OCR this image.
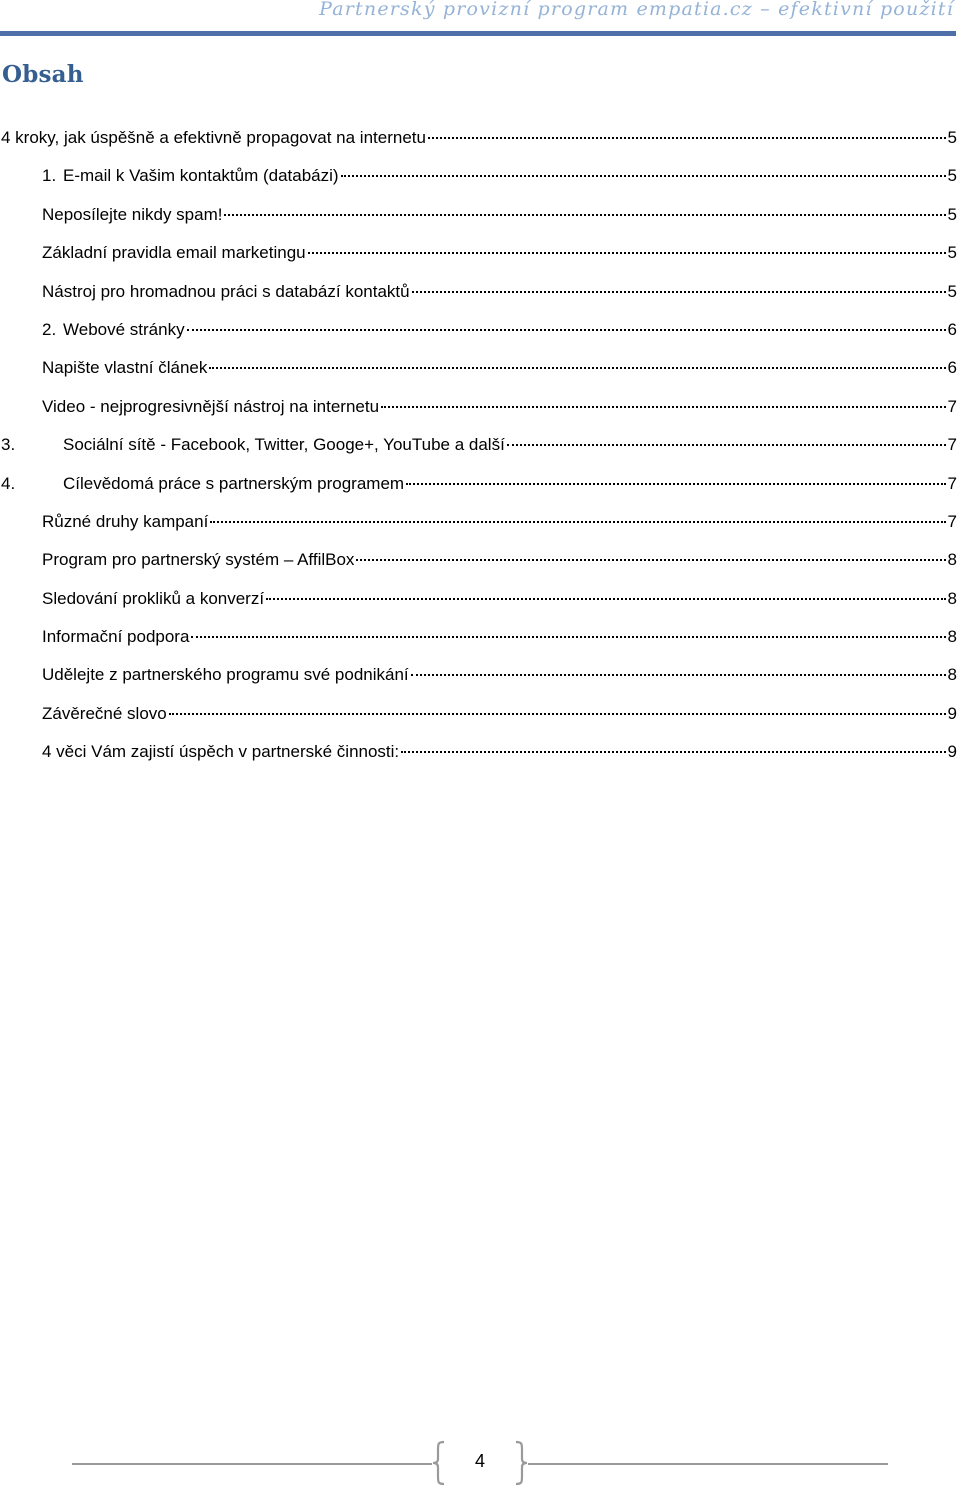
Partnerský provizní program empatia.cz – efektivní použití
Obsah
4 kroky, jak úspěšně a efektivně propagovat na internetu	5
1. E-mail k Vašim kontaktům (databázi)	5
Neposílejte nikdy spam!	5
Základní pravidla email marketingu	5
Nástroj pro hromadnou práci s databází kontaktů	5
2. Webové stránky	6
Napište vlastní článek	6
Video - nejprogresivnější nástroj na internetu	7
3.	Sociální sítě - Facebook, Twitter, Googe+, YouTube a další	7
4.	Cílevědomá práce s partnerským programem	7
Různé druhy kampaní	7
Program pro partnerský systém – AffilBox	8
Sledování prokliků a konverzí	8
Informační podpora	8
Udělejte z partnerského programu své podnikání	8
Závěrečné slovo	9
4 věci Vám zajistí úspěch v partnerské činnosti:	9
4
